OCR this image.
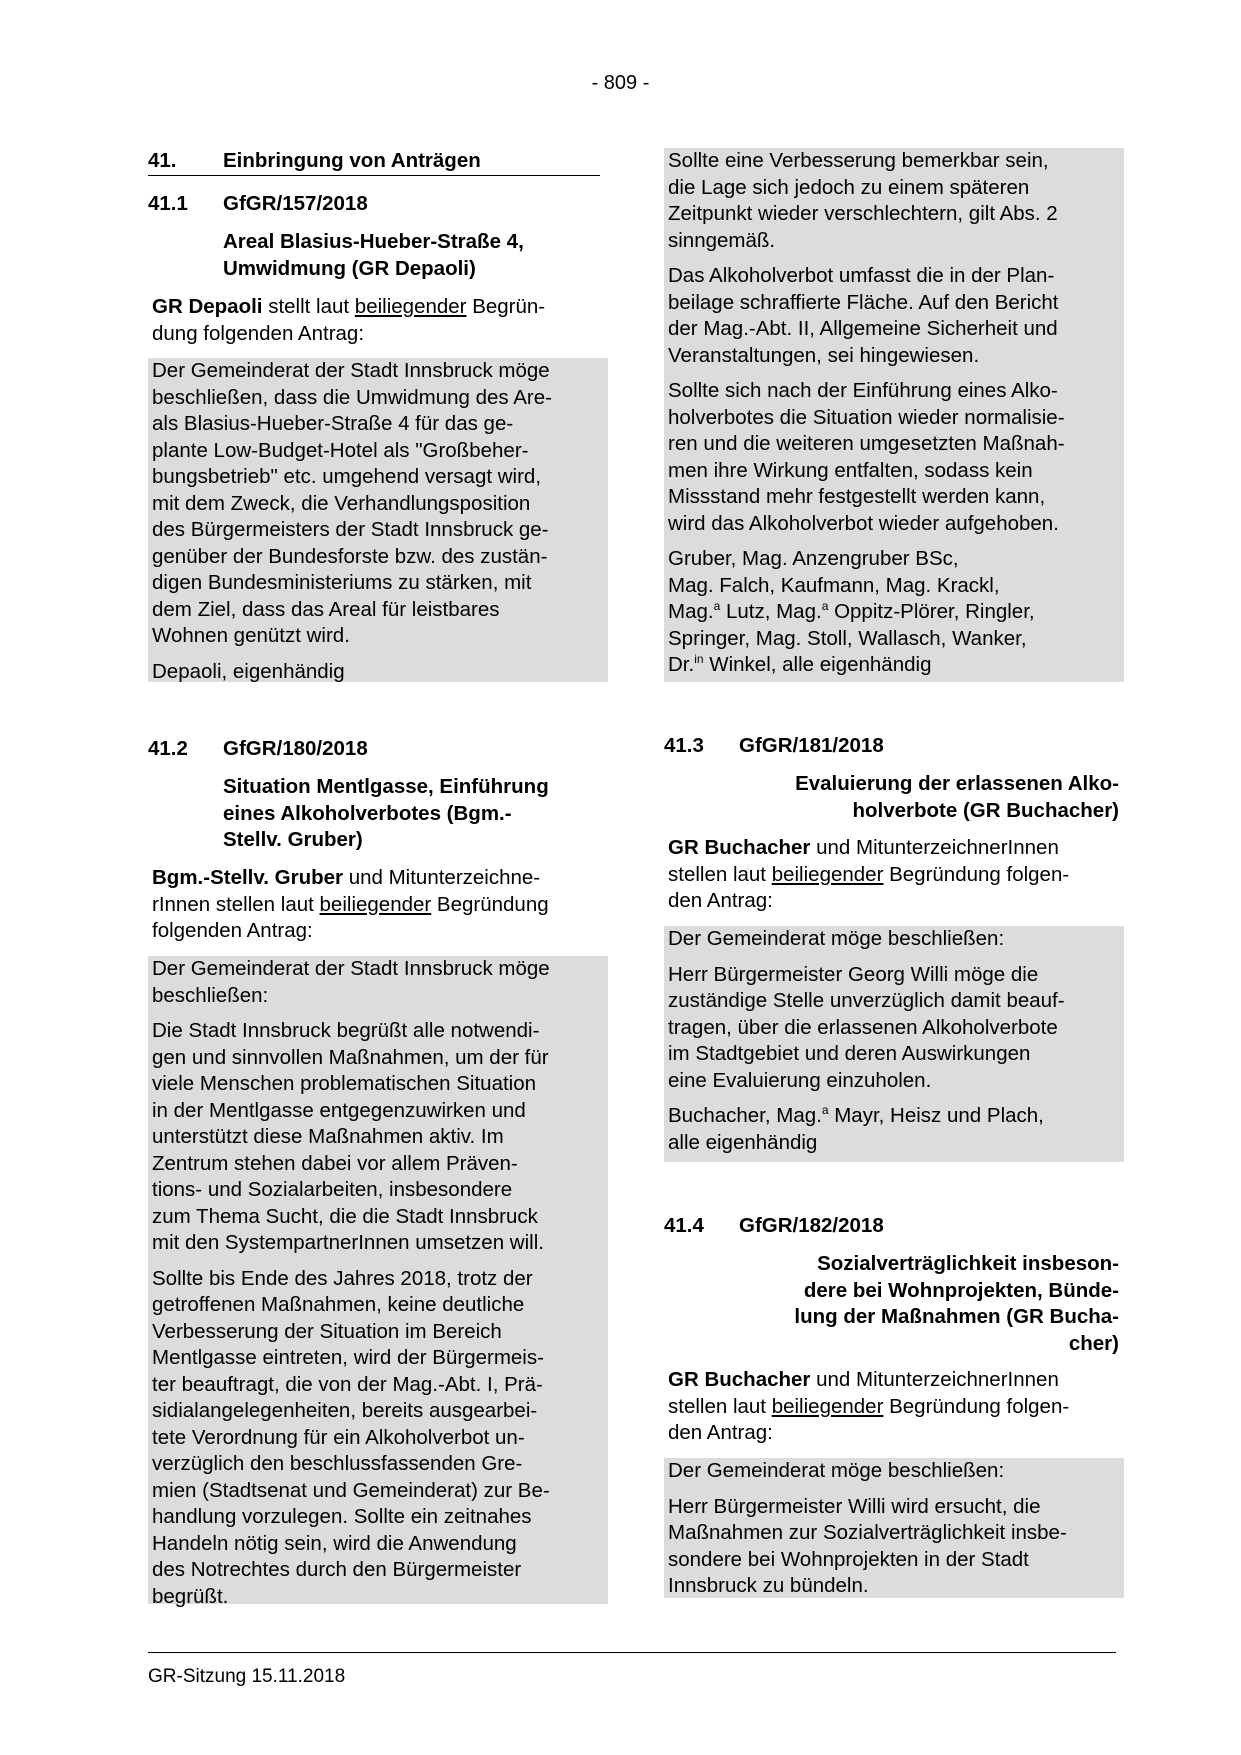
- 809 -
41. Einbringung von Anträgen
41.1 GfGR/157/2018
Areal Blasius-Hueber-Straße 4,
Umwidmung (GR Depaoli)
GR Depaoli stellt laut beiliegender Begrün-
dung folgenden Antrag:

Der Gemeinderat der Stadt Innsbruck möge
beschließen, dass die Umwidmung des Are-
als Blasius-Hueber-Straße 4 für das ge-
plante Low-Budget-Hotel als "Großbeher-
bungsbetrieb" etc. umgehend versagt wird,
mit dem Zweck, die Verhandlungsposition
des Bürgermeisters der Stadt Innsbruck ge-
genüber der Bundesforste bzw. des zustän-
digen Bundesministeriums zu stärken, mit
dem Ziel, dass das Areal für leistbares
Wohnen genützt wird.

Depaoli, eigenhändig

41.2 GfGR/180/2018
Situation Mentlgasse, Einführung
eines Alkoholverbotes (Bgm.-
Stellv. Gruber)
Bgm.-Stellv. Gruber und Mitunterzeichne-
rInnen stellen laut beiliegender Begründung
folgenden Antrag:

Der Gemeinderat der Stadt Innsbruck möge
beschließen:

Die Stadt Innsbruck begrüßt alle notwendi-
gen und sinnvollen Maßnahmen, um der für
viele Menschen problematischen Situation
in der Mentlgasse entgegenzuwirken und
unterstützt diese Maßnahmen aktiv. Im
Zentrum stehen dabei vor allem Präven-
tions- und Sozialarbeiten, insbesondere
zum Thema Sucht, die die Stadt Innsbruck
mit den SystempartnerInnen umsetzen will.

Sollte bis Ende des Jahres 2018, trotz der
getroffenen Maßnahmen, keine deutliche
Verbesserung der Situation im Bereich
Mentlgasse eintreten, wird der Bürgermeis-
ter beauftragt, die von der Mag.-Abt. I, Prä-
sidialangelegenheiten, bereits ausgearbei-
tete Verordnung für ein Alkoholverbot un-
verzüglich den beschlussfassenden Gre-
mien (Stadtsenat und Gemeinderat) zur Be-
handlung vorzulegen. Sollte ein zeitnahes
Handeln nötig sein, wird die Anwendung
des Notrechtes durch den Bürgermeister
begrüßt.

Sollte eine Verbesserung bemerkbar sein,
die Lage sich jedoch zu einem späteren
Zeitpunkt wieder verschlechtern, gilt Abs. 2
sinngemäß.

Das Alkoholverbot umfasst die in der Plan-
beilage schraffierte Fläche. Auf den Bericht
der Mag.-Abt. II, Allgemeine Sicherheit und
Veranstaltungen, sei hingewiesen.

Sollte sich nach der Einführung eines Alko-
holverbotes die Situation wieder normalisie-
ren und die weiteren umgesetzten Maßnah-
men ihre Wirkung entfalten, sodass kein
Missstand mehr festgestellt werden kann,
wird das Alkoholverbot wieder aufgehoben.

Gruber, Mag. Anzengruber BSc,
Mag. Falch, Kaufmann, Mag. Krackl,
Mag.$^a$ Lutz, Mag.$^a$ Oppitz-Plörer, Ringler,
Springer, Mag. Stoll, Wallasch, Wanker,
Dr.$^{in}$ Winkel, alle eigenhändig

41.3 GfGR/181/2018
Evaluierung der erlassenen Alko-
holverbote (GR Buchacher)
GR Buchacher und MitunterzeichnerInnen
stellen laut beiliegender Begründung folgen-
den Antrag:

Der Gemeinderat möge beschließen:

Herr Bürgermeister Georg Willi möge die
zuständige Stelle unverzüglich damit beauf-
tragen, über die erlassenen Alkoholverbote
im Stadtgebiet und deren Auswirkungen
eine Evaluierung einzuholen.

Buchacher, Mag.$^a$ Mayr, Heisz und Plach,
alle eigenhändig

41.4 GfGR/182/2018
Sozialverträglichkeit insbeson-
dere bei Wohnprojekten, Bünde-
lung der Maßnahmen (GR Bucha-
cher)
GR Buchacher und MitunterzeichnerInnen
stellen laut beiliegender Begründung folgen-
den Antrag:

Der Gemeinderat möge beschließen:

Herr Bürgermeister Willi wird ersucht, die
Maßnahmen zur Sozialverträglichkeit insbe-
sondere bei Wohnprojekten in der Stadt
Innsbruck zu bündeln.

GR-Sitzung 15.11.2018
